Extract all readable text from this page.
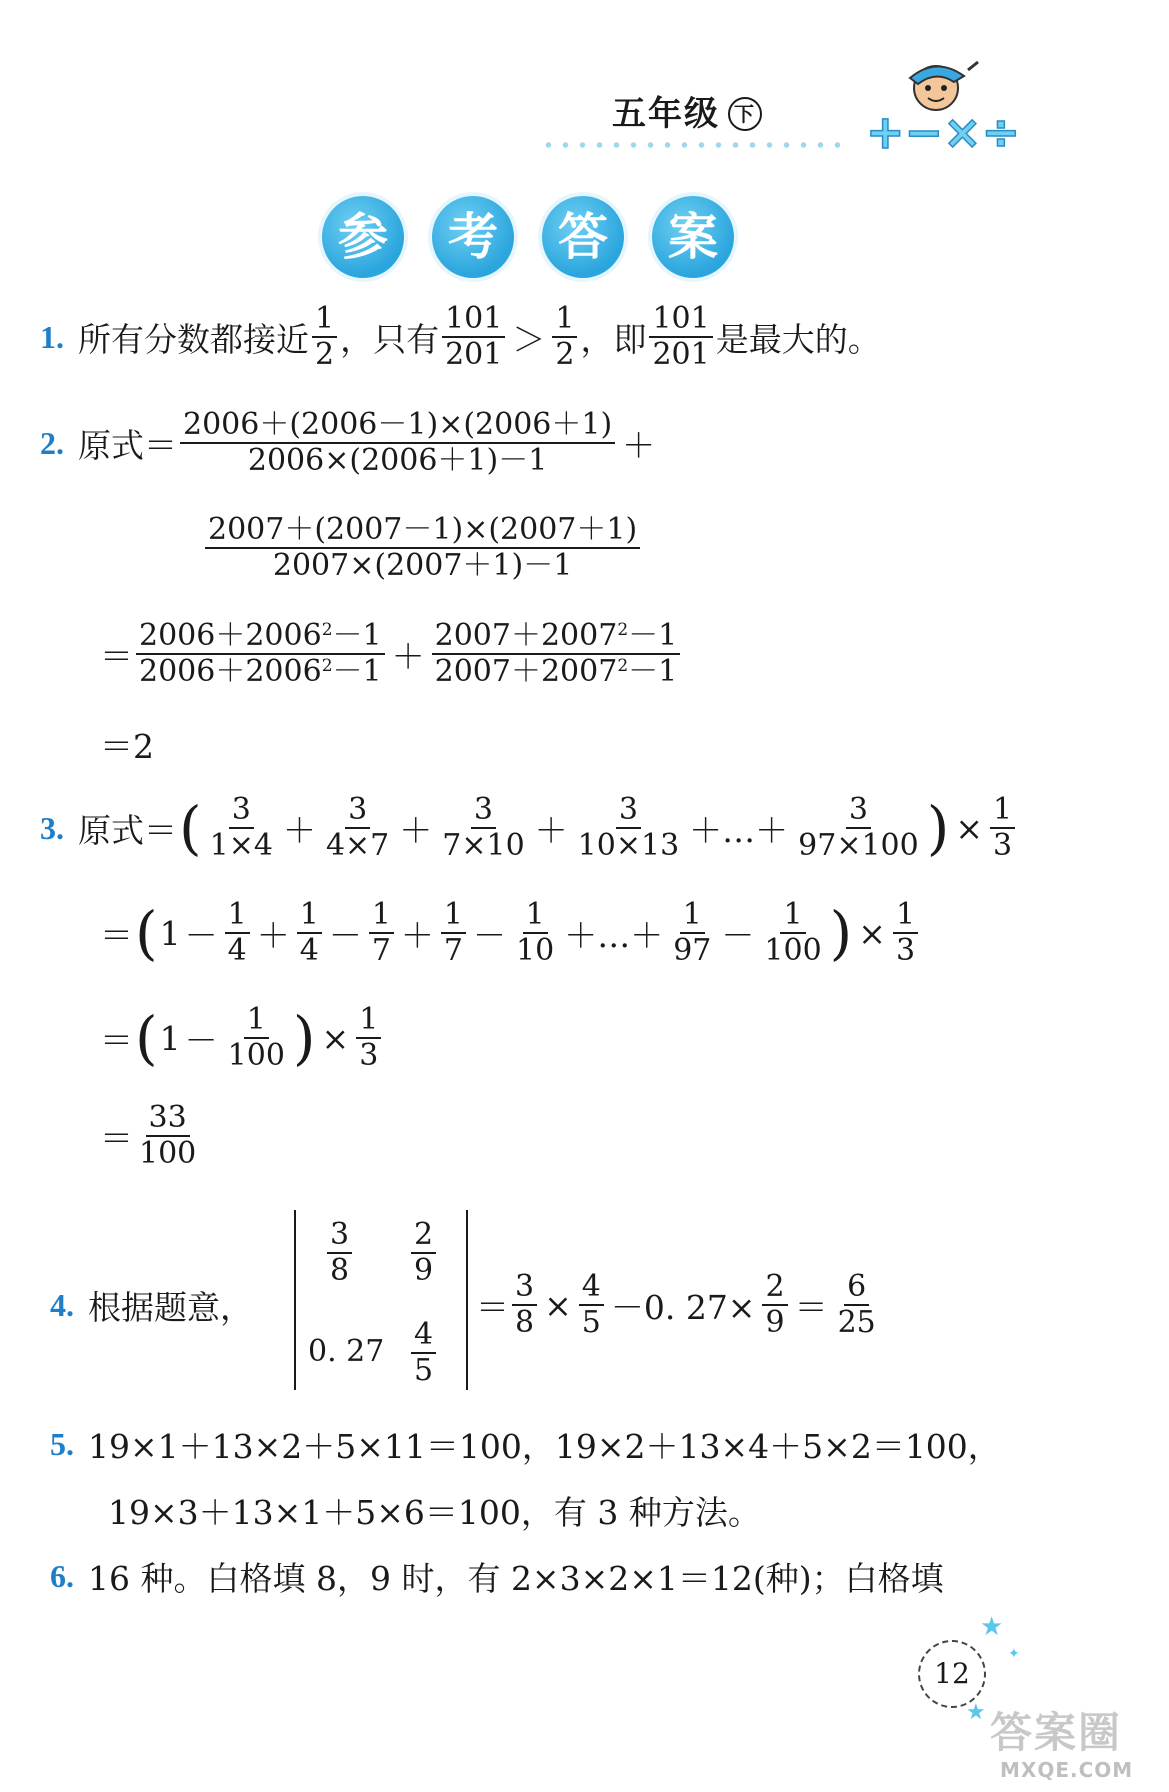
五年级 下 +−×÷
参	考	答	案
1. 所有分数都接近 $\frac{1}{2}$ ，只有 $\frac{101}{201} > \frac{1}{2}$ ，即 $\frac{101}{201}$ 是最大的。
2. 原式＝ $\frac{2006+(2006-1)\times(2006+1)}{2006\times(2006+1)-1}$ ＋
$\frac{2007+(2007-1)\times(2007+1)}{2007\times(2007+1)-1}$
＝ $\frac{2006+2006^2-1}{2006+2006^2-1} + \frac{2007+2007^2-1}{2007+2007^2-1}$
＝2
3. 原式＝ ( $\frac{3}{1\times 4} + \frac{3}{4\times 7} + \frac{3}{7\times 10} + \frac{3}{10\times 13}$ ＋…＋ $\frac{3}{97\times 100}$ ) × $\frac{1}{3}$
＝ ( $1 - \frac{1}{4} + \frac{1}{4} - \frac{1}{7} + \frac{1}{7} - \frac{1}{10}$ ＋…＋ $\frac{1}{97} - \frac{1}{100}$ ) × $\frac{1}{3}$
＝ ( $1 - \frac{1}{100}$ ) × $\frac{1}{3}$
＝ $\frac{33}{100}$
4. 根据题意，
$\frac{3}{8} \frac{2}{9}$
0. $27 \frac{4}{5}$
＝ $\frac{3}{8} \times \frac{4}{5} -0$. $27\times \frac{2}{9} = \frac{6}{25}$
5. 19×1＋13×2＋5×11＝100，19×2＋13×4＋5×2＝100，
19×3＋13×1＋5×6＝100，有 3 种方法。
6. 16 种。白格填 8，9 时，有 2×3×2×1＝12(种)；白格填
★
★
✦
12
答案圈
MXQE.COM
